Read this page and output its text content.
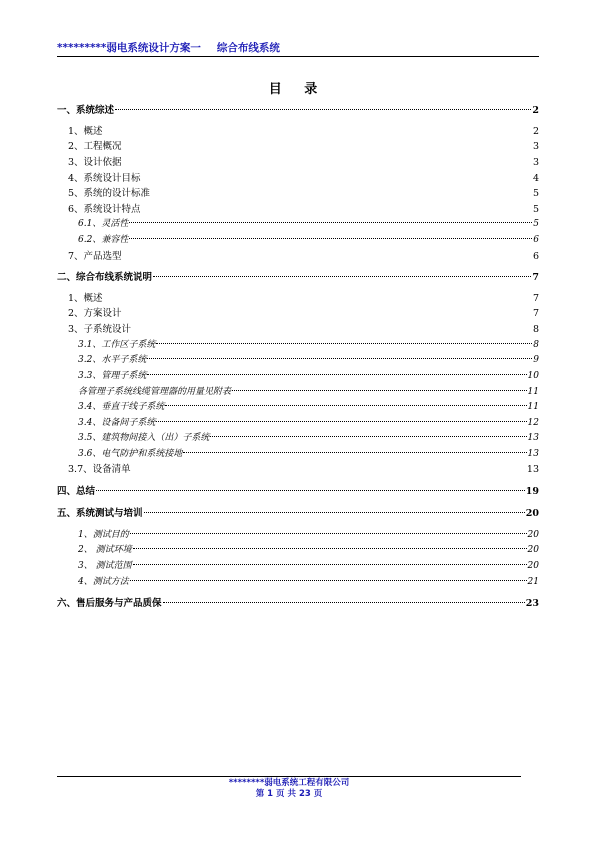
*********弱电系统设计方案一 综合布线系统
目 录
一、系统综述	2
1、概述	2
2、工程概况	3
3、设计依据	3
4、系统设计目标	4
5、系统的设计标准	5
6、系统设计特点	5
6.1、灵活性	5
6.2、兼容性	6
7、产品选型	6
二、综合布线系统说明	7
1、概述	7
2、方案设计	7
3、子系统设计	8
3.1、工作区子系统	8
3.2、水平子系统	9
3.3、管理子系统	10
各管理子系统线缆管理器的用量见附表	11
3.4、垂直干线子系统	11
3.4、设备间子系统	12
3.5、建筑物间接入（出）子系统	13
3.6、电气防护和系统接地	13
3.7、设备清单	13
四、总结	19
五、系统测试与培训	20
1、测试目的	20
2、 测试环境	20
3、 测试范围	20
4、测试方法	21
六、售后服务与产品质保	23
********弱电系统工程有限公司
第 1 页 共 23 页
